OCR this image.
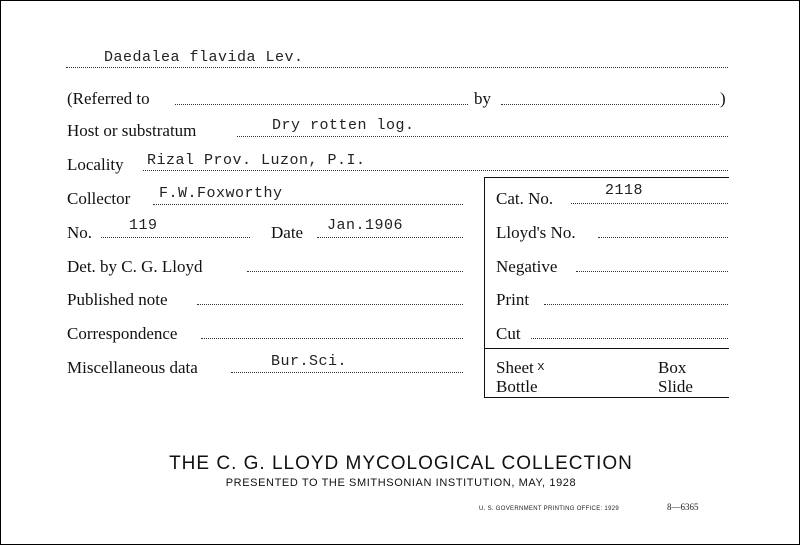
Daedalea flavida Lev.
(Referred to	by	)
Host or substratum	Dry rotten log.
Locality Rizal Prov. Luzon, P.I.
Collector F.W.Foxworthy
No. 119	Date Jan.1906
Det. by C. G. Lloyd
Published note
Correspondence
Miscellaneous data	Bur.Sci.
Cat. No.	2118
Lloyd's No.
Negative
Print
Cut
Sheet x	Box
Bottle	Slide
THE C. G. LLOYD MYCOLOGICAL COLLECTION
PRESENTED TO THE SMITHSONIAN INSTITUTION, MAY, 1928
U. S. GOVERNMENT PRINTING OFFICE: 1929	8—6365
